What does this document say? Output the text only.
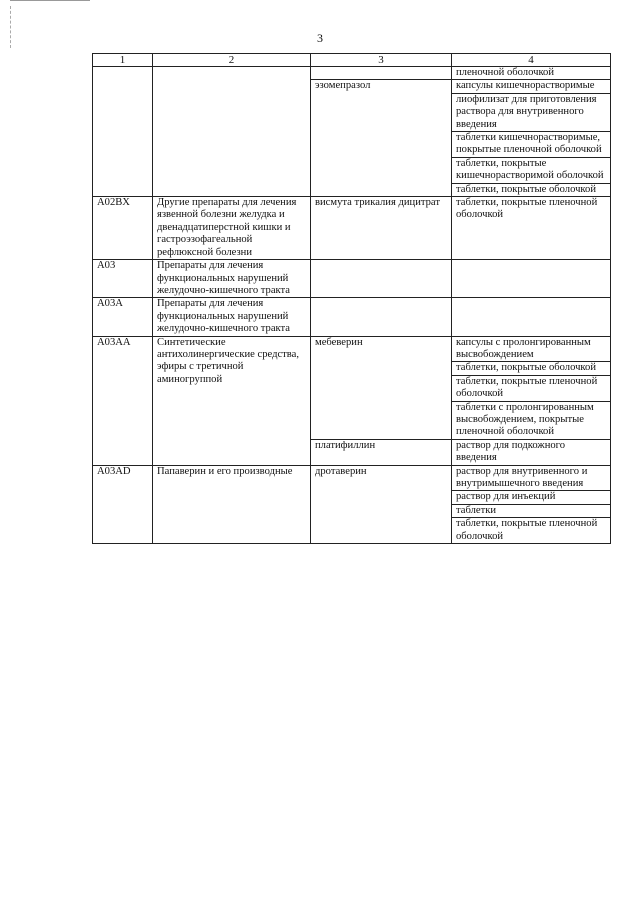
3
1	2	3	4
			пленочной оболочкой
		эзомепразол	капсулы кишечнорастворимые
			лиофилизат для приготовления раствора для внутривенного введения
			таблетки кишечнорастворимые, покрытые пленочной оболочкой
			таблетки, покрытые кишечнорастворимой оболочкой
			таблетки, покрытые оболочкой

A02BX	Другие препараты для лечения язвенной болезни желудка и двенадцатиперстной кишки и гастроэзофагеальной рефлюксной болезни	висмута трикалия дицитрат	таблетки, покрытые пленочной оболочкой
A03	Препараты для лечения функциональных нарушений желудочно-кишечного тракта		
A03A	Препараты для лечения функциональных нарушений желудочно-кишечного тракта		
A03AA	Синтетические антихолинергические средства, эфиры с третичной аминогруппой	мебеверин	капсулы с пролонгированным высвобождением
			таблетки, покрытые оболочкой
			таблетки, покрытые пленочной оболочкой
			таблетки с пролонгированным высвобождением, покрытые пленочной оболочкой
		платифиллин	раствор для подкожного введения
A03AD	Папаверин и его производные	дротаверин	раствор для внутривенного и внутримышечного введения
			раствор для инъекций
			таблетки
			таблетки, покрытые пленочной оболочкой
